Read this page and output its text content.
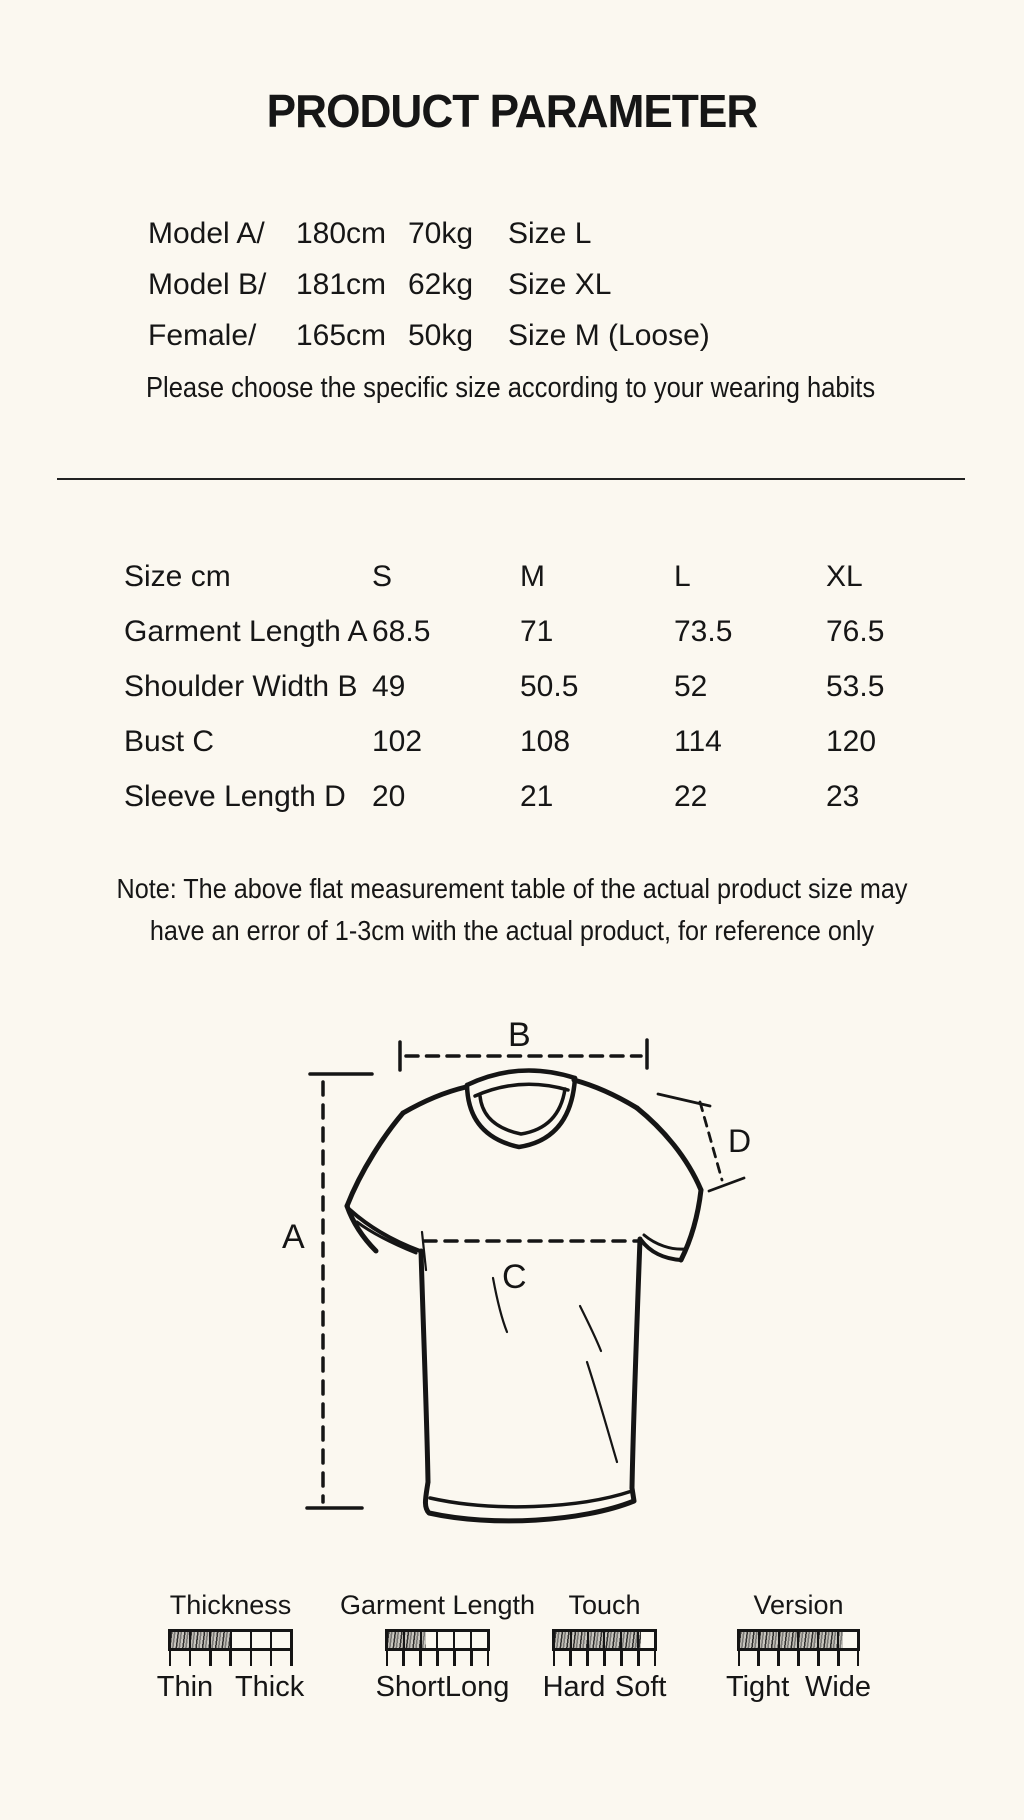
PRODUCT PARAMETER
Model A/	180cm 70kg	Size L
Model B/ 181cm 62kg	Size XL
Female/	165cm 50kg	Size M (Loose)
Please choose the specific size according to your wearing habits
Size cm	S	M	L	XL
Garment Length A 68.5	71	73.5	76.5
Shoulder Width B 49	50.5	52	53.5
Bust C	102	108	114	120
Sleeve Length D 20	21	22	23
Note: The above flat measurement table of the actual product size may
have an error of 1-3cm with the actual product, for reference only
B
A
C
D
Thickness
Thin Thick
Garment Length
Short Long
Touch
Hard Soft
Version
Tight Wide
